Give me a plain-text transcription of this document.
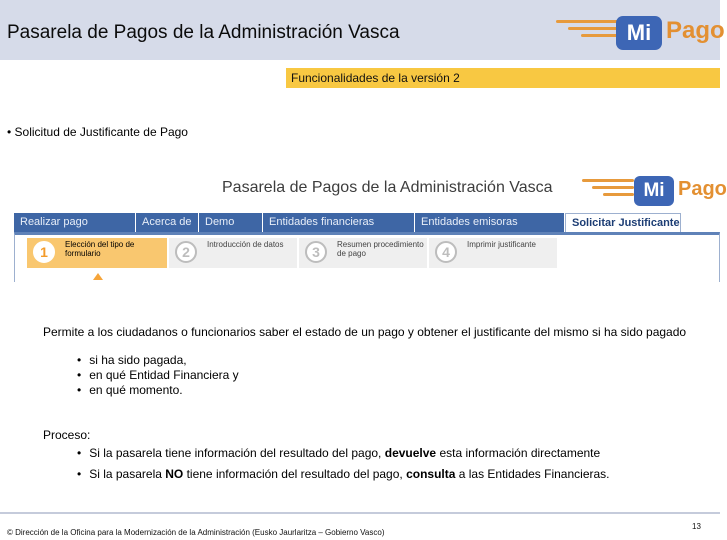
Pasarela de Pagos de la Administración Vasca	Mi Pago
Funcionalidades de la versión 2
• Solicitud de Justificante de Pago
Pasarela de Pagos de la Administración Vasca	Mi Pago
Realizar pago	Acerca de	Demo	Entidades financieras	Entidades emisoras	Solicitar Justificante
1	Elección del tipo de formulario	2	Introducción de datos	3	Resumen procedimiento de pago	4	Imprimir justificante
Permite a los ciudadanos o funcionarios saber el estado de un pago y obtener el justificante del mismo si ha sido pagado
• si ha sido pagada,
• en qué Entidad Financiera y
• en qué momento.
Proceso:
• Si la pasarela tiene información del resultado del pago, devuelve esta información directamente
• Si la pasarela NO tiene información del resultado del pago, consulta a las Entidades Financieras.
© Dirección de la Oficina para la Modernización de la Administración (Eusko Jaurlaritza – Gobierno Vasco)
13
